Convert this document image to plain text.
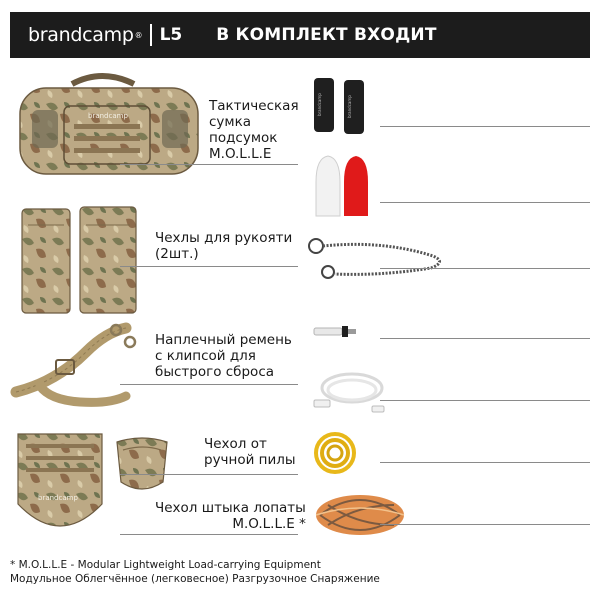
brandcamp ® L5 В КОМПЛЕКТ ВХОДИТ
brandcamp
Тактическая
сумка
подсумок
M.O.L.L.E
Чехлы для рукояти
(2шт.)
Наплечный ремень
с клипсой для
быстрого сброса
Чехол от
ручной пилы
brandcamp
Чехол штыка лопаты
M.O.L.L.E *
brandcamp	brandcamp
* M.O.L.L.E - Modular Lightweight Load-carrying Equipment
Модульное Облегчённое (легковесное) Разгрузочное Снаряжение
